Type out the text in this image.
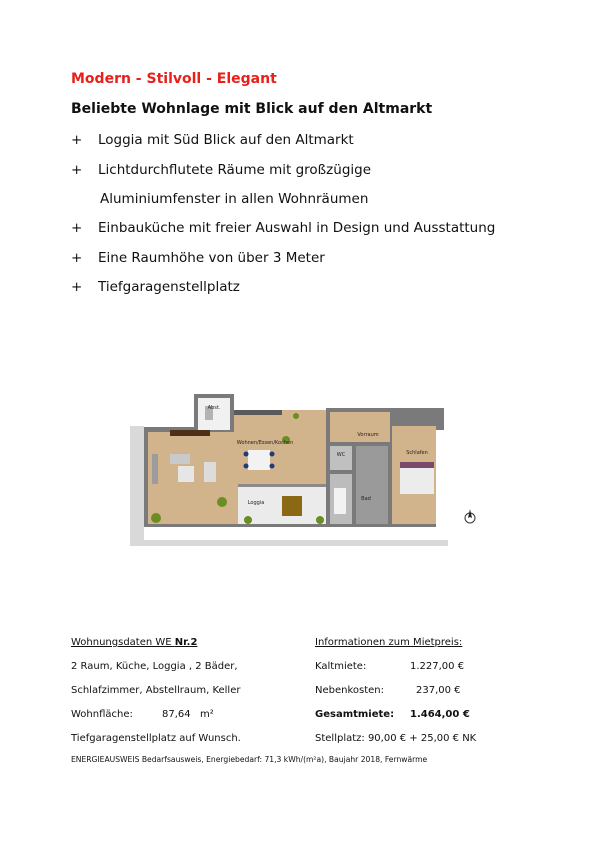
Modern - Stilvoll - Elegant
Beliebte Wohnlage mit Blick auf den Altmarkt
+ Loggia mit Süd Blick auf den Altmarkt
+ Lichtdurchflutete Räume mit großzügige
Aluminiumfenster in allen Wohnräumen
+ Einbauküche mit freier Auswahl in Design und Ausstattung
+ Eine Raumhöhe von über 3 Meter
+ Tiefgaragenstellplatz
Abst.
Wohnen/Essen/Kochen
Vorraum
Schlafen
WC
Bad
Loggia
Wohnungsdaten WE Nr.2
2 Raum, Küche, Loggia , 2 Bäder,
Schlafzimmer, Abstellraum, Keller
Wohnfläche:	87,64 m²
Tiefgaragenstellplatz auf Wunsch.
Informationen zum Mietpreis:
Kaltmiete:	1.227,00 €
Nebenkosten:	237,00 €
Gesamtmiete: 1.464,00 €
Stellplatz: 90,00 € + 25,00 € NK
ENERGIEAUSWEIS Bedarfsausweis, Energiebedarf: 71,3 kWh/(m²a), Baujahr 2018, Fernwärme
